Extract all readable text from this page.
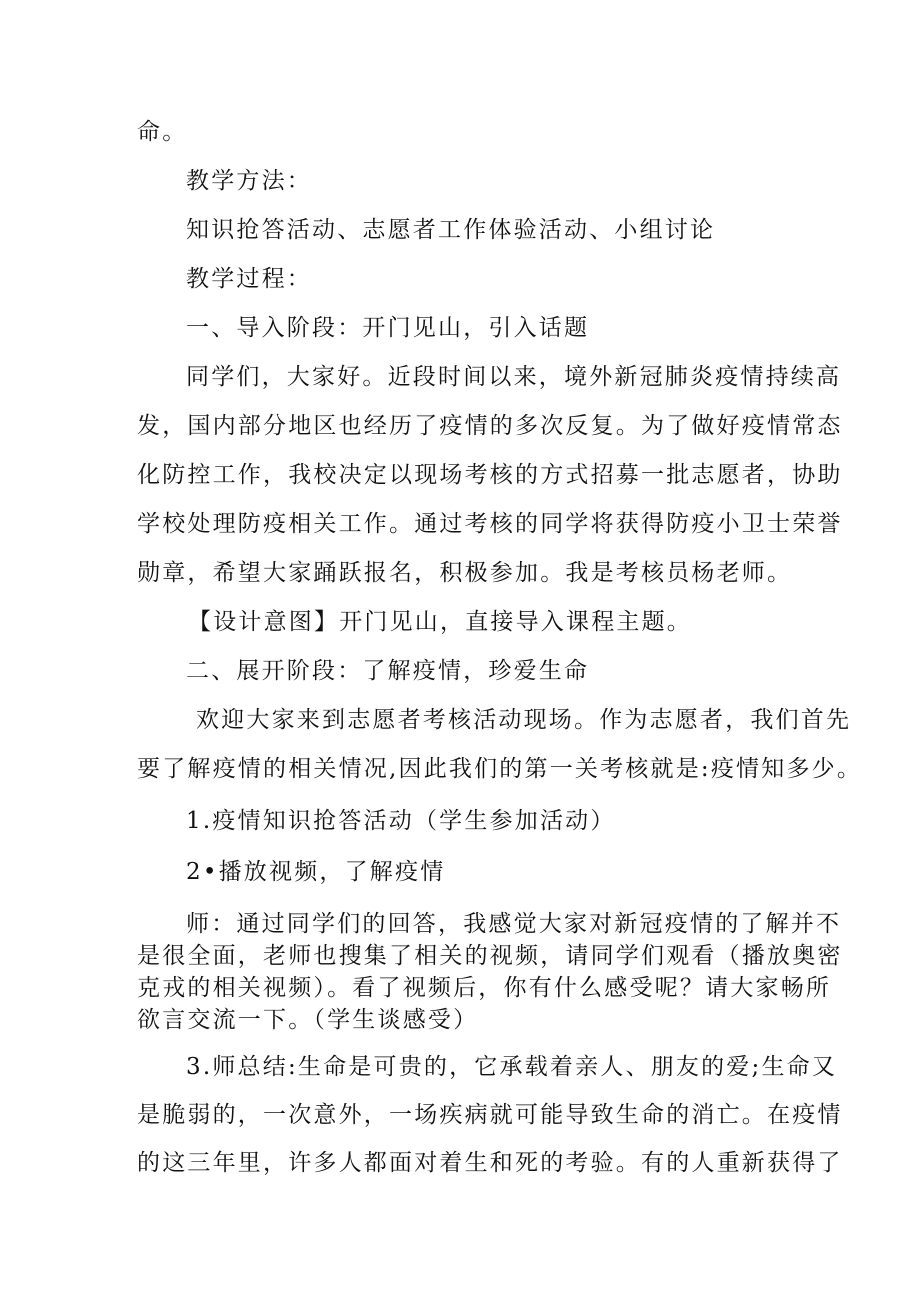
命。
教学方法：
知识抢答活动、志愿者工作体验活动、小组讨论
教学过程：
一、导入阶段：开门见山，引入话题
同学们，大家好。近段时间以来，境外新冠肺炎疫情持续高
发，国内部分地区也经历了疫情的多次反复。为了做好疫情常态
化防控工作，我校决定以现场考核的方式招募一批志愿者，协助
学校处理防疫相关工作。通过考核的同学将获得防疫小卫士荣誉
勋章，希望大家踊跃报名，积极参加。我是考核员杨老师。
【设计意图】开门见山，直接导入课程主题。
二、展开阶段：了解疫情，珍爱生命
欢迎大家来到志愿者考核活动现场。作为志愿者，我们首先
要了解疫情的相关情况,因此我们的第一关考核就是:疫情知多少。
1.疫情知识抢答活动（学生参加活动）
2•播放视频，了解疫情
师：通过同学们的回答，我感觉大家对新冠疫情的了解并不
是很全面，老师也搜集了相关的视频，请同学们观看（播放奥密
克戎的相关视频）。看了视频后，你有什么感受呢？请大家畅所
欲言交流一下。（学生谈感受）
3.师总结:生命是可贵的，它承载着亲人、朋友的爱;生命又
是脆弱的，一次意外，一场疾病就可能导致生命的消亡。在疫情
的这三年里，许多人都面对着生和死的考验。有的人重新获得了
